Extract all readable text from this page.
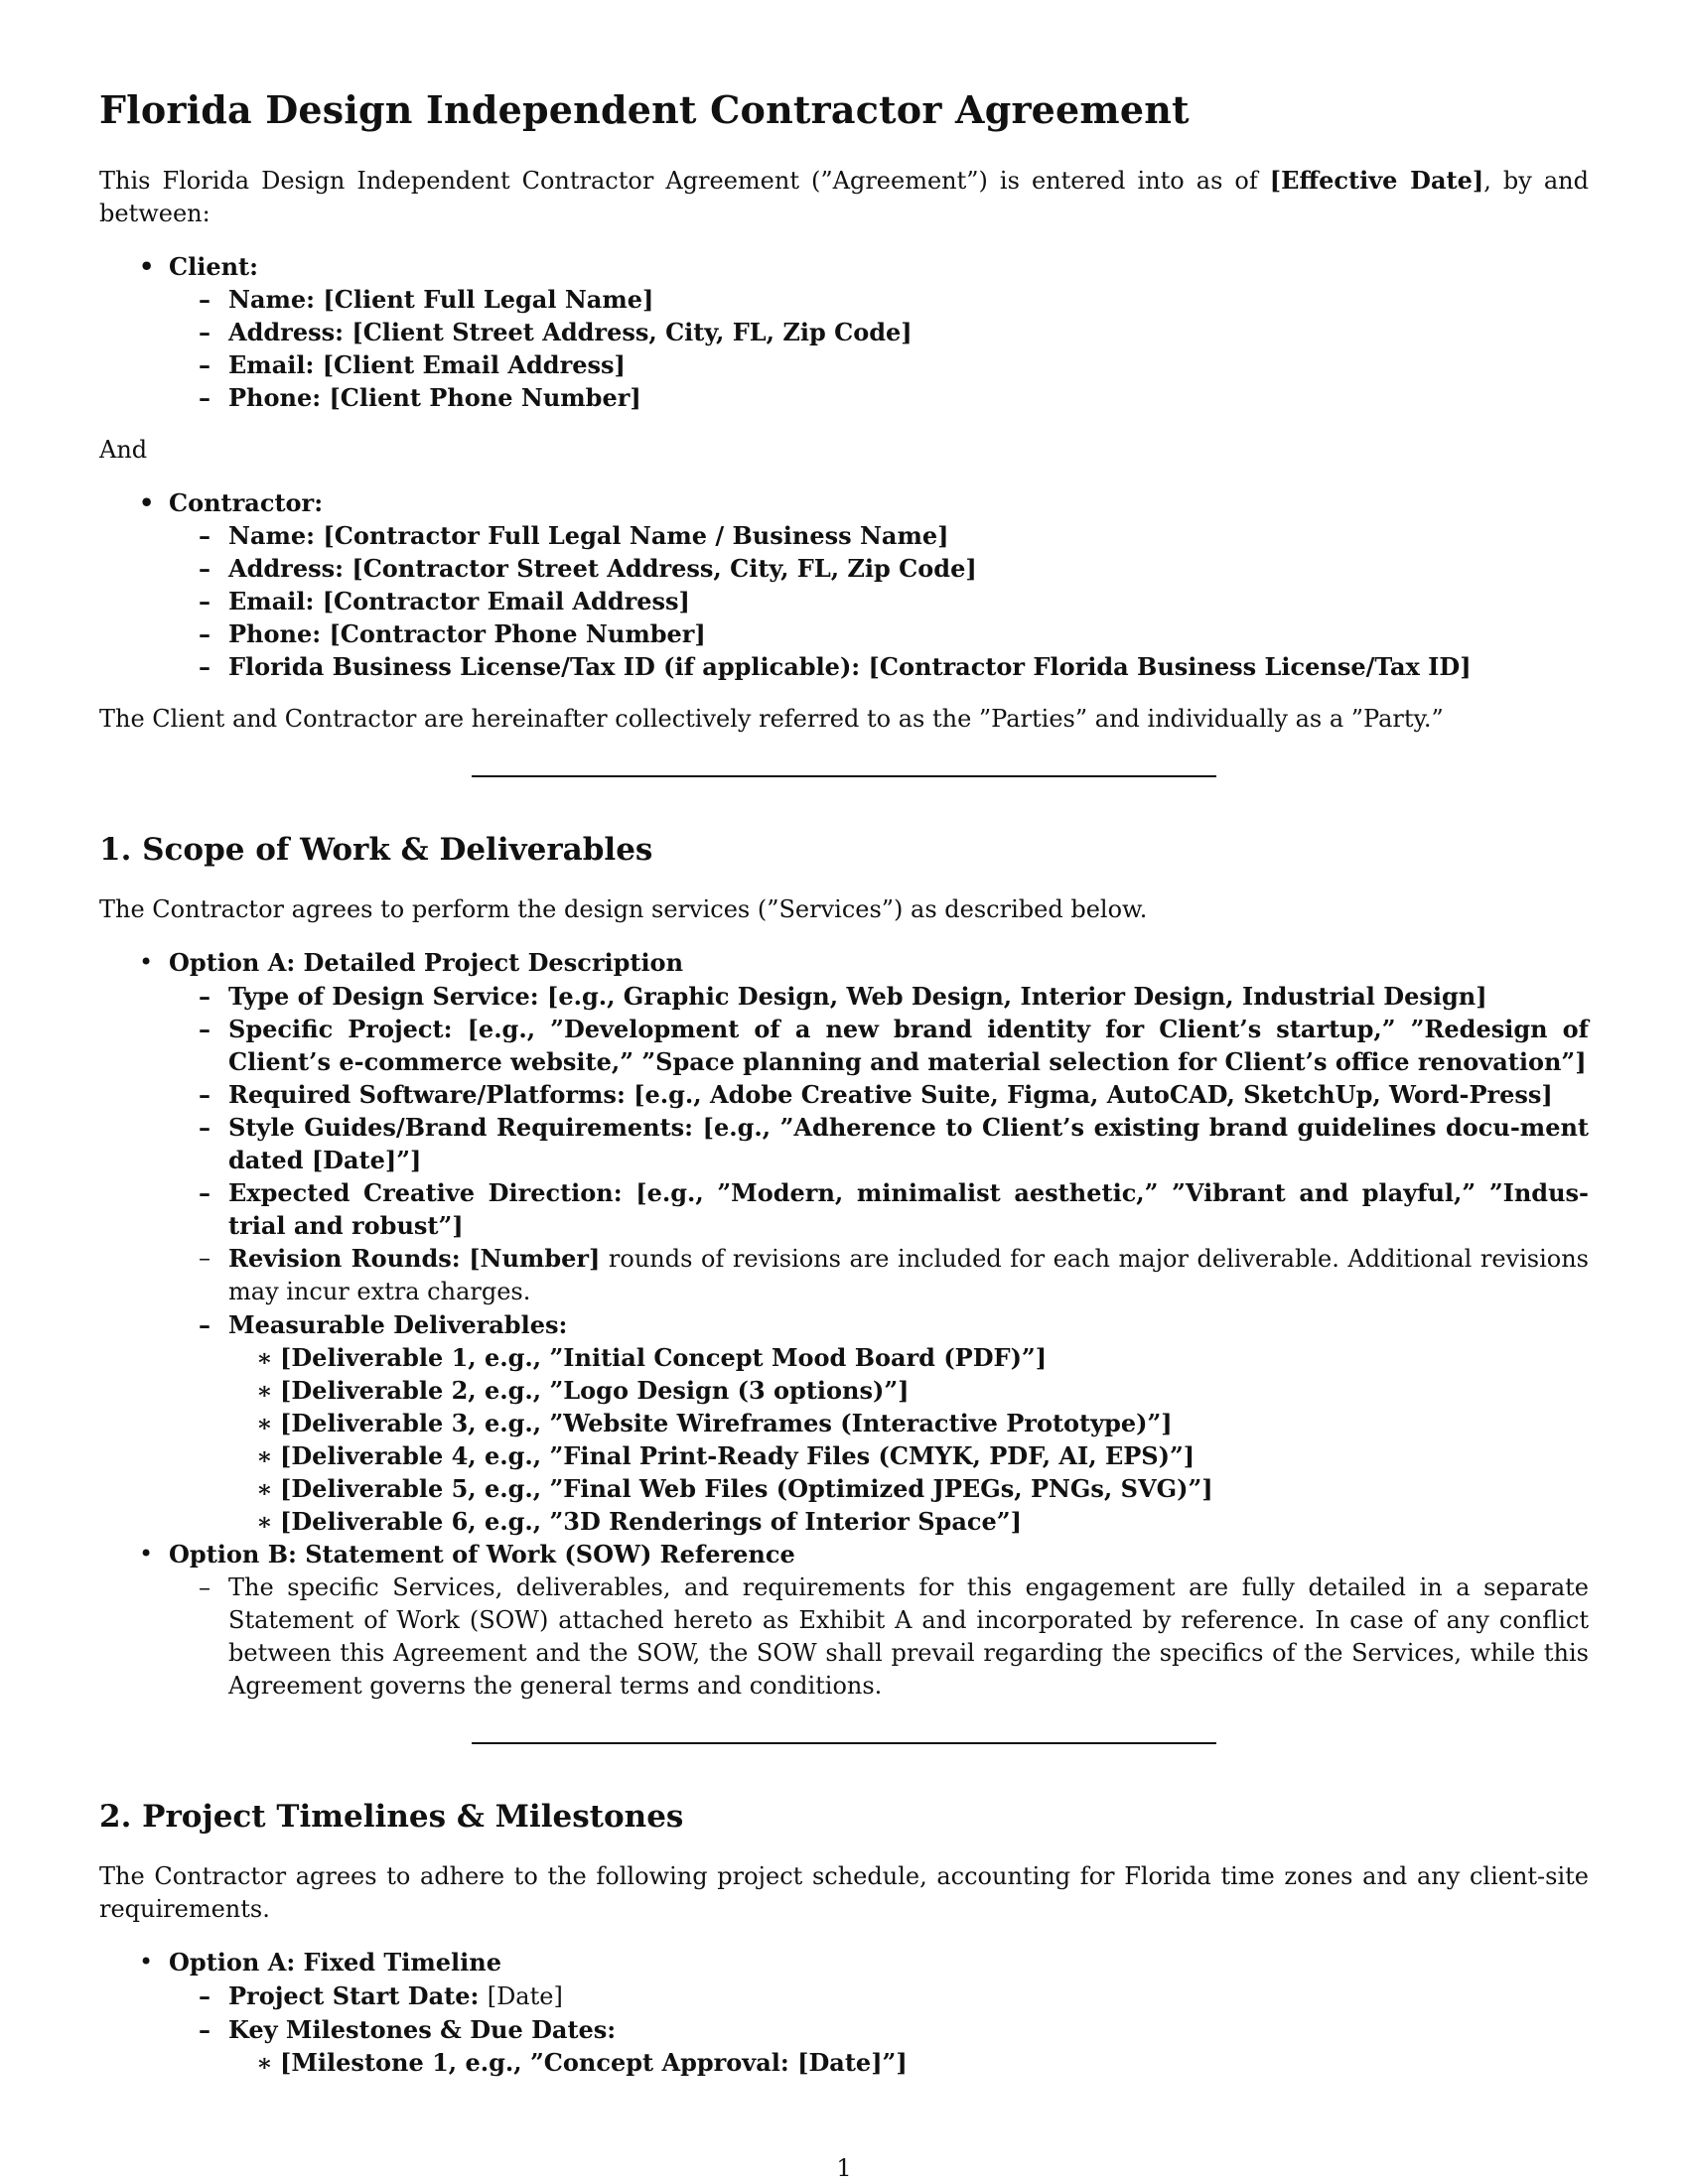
Florida Design Independent Contractor Agreement

This Florida Design Independent Contractor Agreement (”Agreement”) is entered into as of [Effective Date], by and between:

• Client:
– Name: [Client Full Legal Name]
– Address: [Client Street Address, City, FL, Zip Code]
– Email: [Client Email Address]
– Phone: [Client Phone Number]

And

• Contractor:
– Name: [Contractor Full Legal Name / Business Name]
– Address: [Contractor Street Address, City, FL, Zip Code]
– Email: [Contractor Email Address]
– Phone: [Contractor Phone Number]
– Florida Business License/Tax ID (if applicable): [Contractor Florida Business License/Tax ID]

The Client and Contractor are hereinafter collectively referred to as the ”Parties” and individually as a ”Party.”

1. Scope of Work & Deliverables

The Contractor agrees to perform the design services (”Services”) as described below.

• Option A: Detailed Project Description
– Type of Design Service: [e.g., Graphic Design, Web Design, Interior Design, Industrial Design]
– Specific Project: [e.g., ”Development of a new brand identity for Client’s startup,” ”Redesign of Client’s e-commerce website,” ”Space planning and material selection for Client’s office renovation”]
– Required Software/Platforms: [e.g., Adobe Creative Suite, Figma, AutoCAD, SketchUp, Word-Press]
– Style Guides/Brand Requirements: [e.g., ”Adherence to Client’s existing brand guidelines docu-ment dated [Date]”]
– Expected Creative Direction: [e.g., ”Modern, minimalist aesthetic,” ”Vibrant and playful,” ”Indus-trial and robust”]
– Revision Rounds: [Number] rounds of revisions are included for each major deliverable. Additional revisions may incur extra charges.
– Measurable Deliverables:
∗ [Deliverable 1, e.g., ”Initial Concept Mood Board (PDF)”]
∗ [Deliverable 2, e.g., ”Logo Design (3 options)”]
∗ [Deliverable 3, e.g., ”Website Wireframes (Interactive Prototype)”]
∗ [Deliverable 4, e.g., ”Final Print-Ready Files (CMYK, PDF, AI, EPS)”]
∗ [Deliverable 5, e.g., ”Final Web Files (Optimized JPEGs, PNGs, SVG)”]
∗ [Deliverable 6, e.g., ”3D Renderings of Interior Space”]
• Option B: Statement of Work (SOW) Reference
– The specific Services, deliverables, and requirements for this engagement are fully detailed in a separate Statement of Work (SOW) attached hereto as Exhibit A and incorporated by reference. In case of any conflict between this Agreement and the SOW, the SOW shall prevail regarding the specifics of the Services, while this Agreement governs the general terms and conditions.
2. Project Timelines & Milestones

The Contractor agrees to adhere to the following project schedule, accounting for Florida time zones and any client-site requirements.

• Option A: Fixed Timeline
– Project Start Date: [Date]
– Key Milestones & Due Dates:
∗ [Milestone 1, e.g., ”Concept Approval: [Date]”]
1
